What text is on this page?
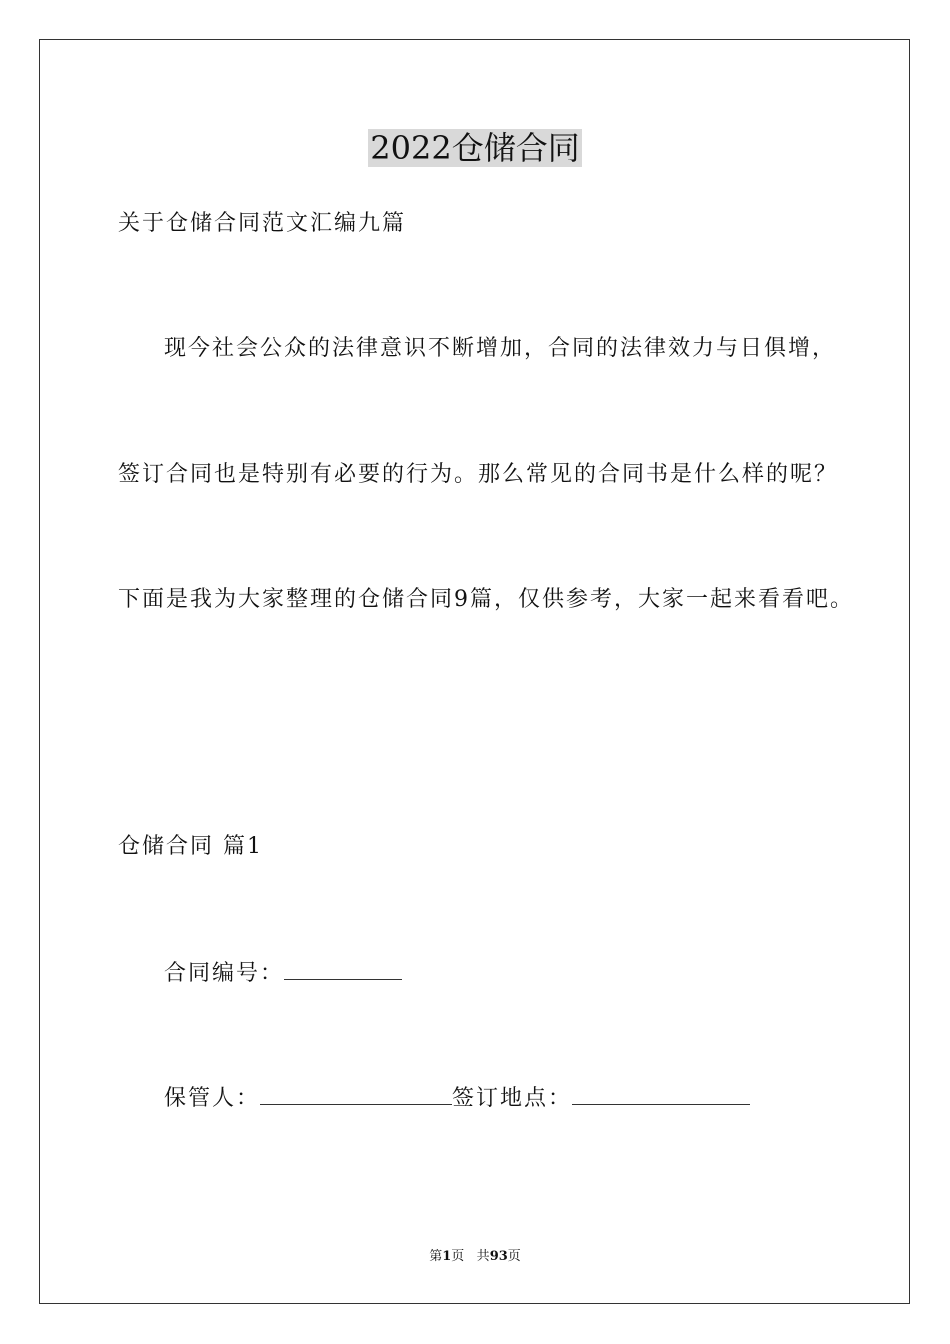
2022仓储合同
关于仓储合同范文汇编九篇
现今社会公众的法律意识不断增加，合同的法律效力与日俱增，
签订合同也是特别有必要的行为。那么常见的合同书是什么样的呢？
下面是我为大家整理的仓储合同9篇，仅供参考，大家一起来看看吧。
仓储合同 篇1
合同编号：
保管人：	签订地点：
第1页 共93页
